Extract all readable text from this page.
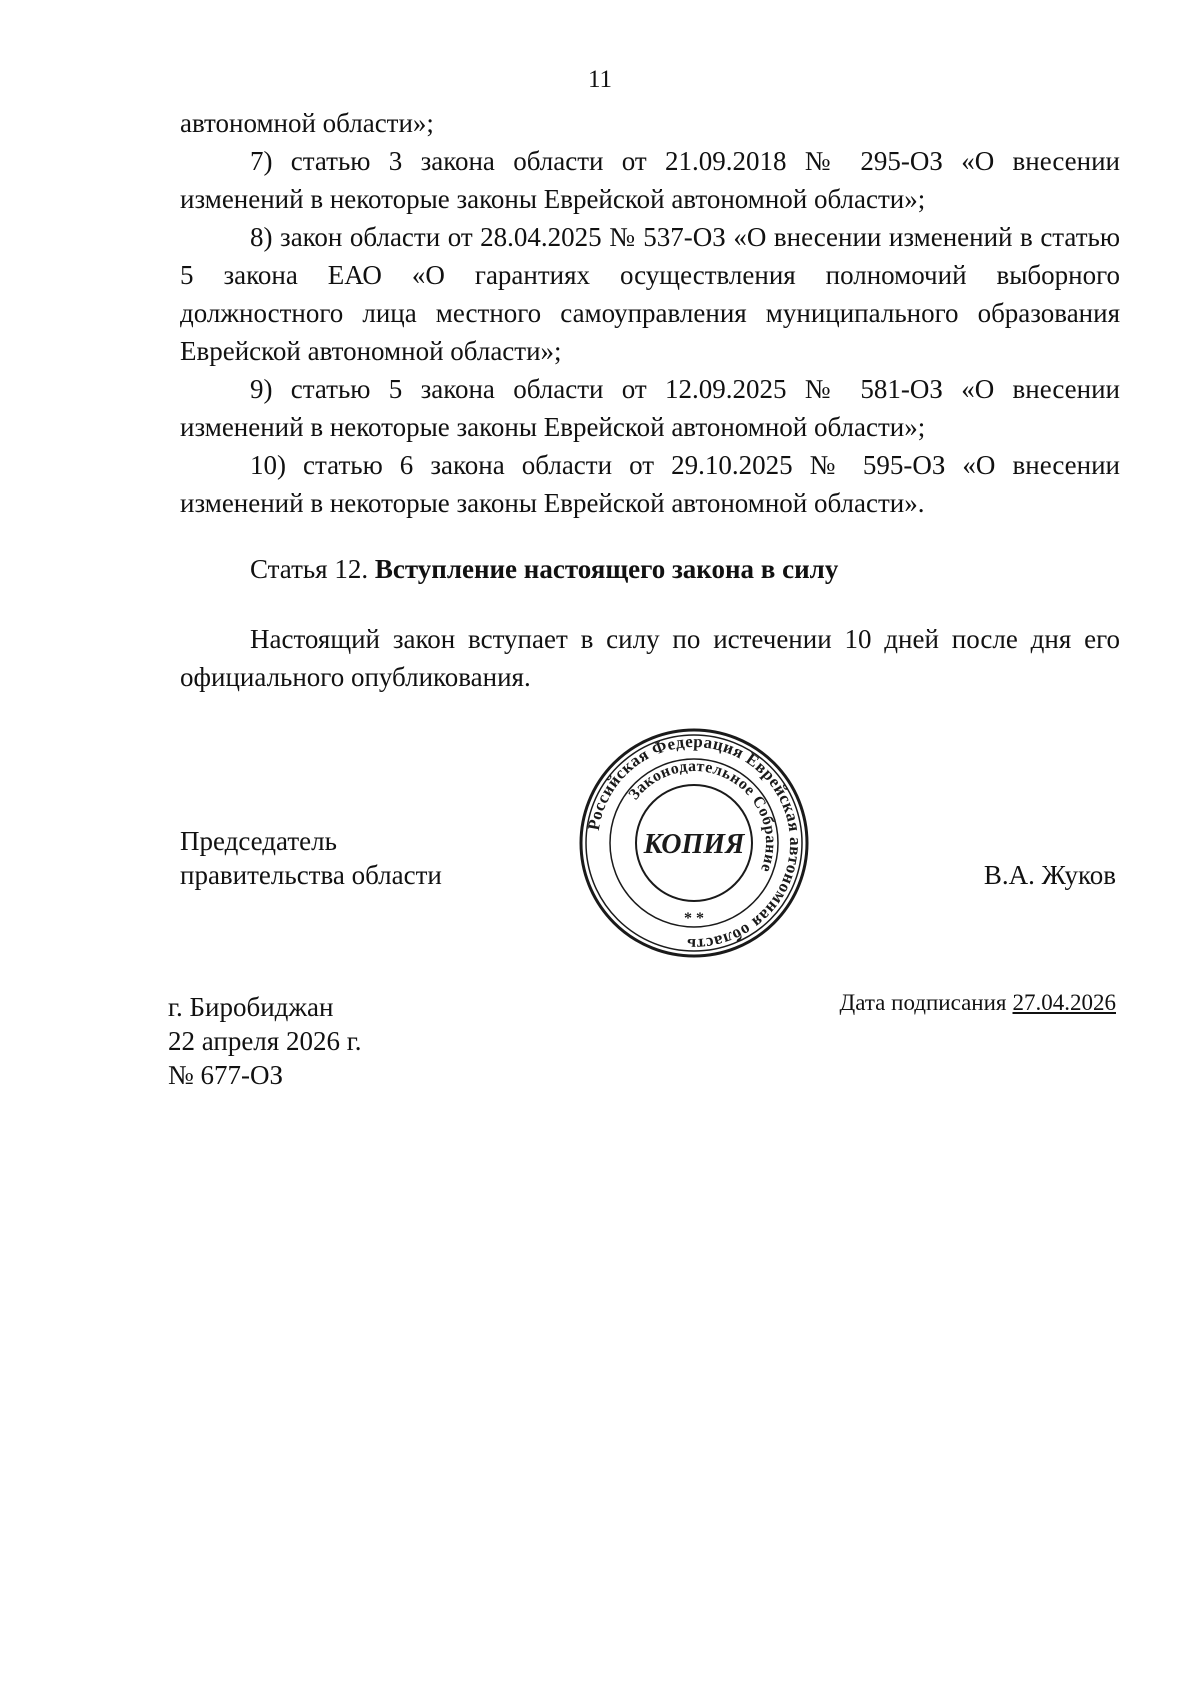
11

автономной области»;

7) статью 3 закона области от 21.09.2018 № 295-ОЗ «О внесении изменений в некоторые законы Еврейской автономной области»;

8) закон области от 28.04.2025 № 537-ОЗ «О внесении изменений в статью 5 закона ЕАО «О гарантиях осуществления полномочий выборного должностного лица местного самоуправления муниципального образования Еврейской автономной области»;

9) статью 5 закона области от 12.09.2025 № 581-ОЗ «О внесении изменений в некоторые законы Еврейской автономной области»;

10) статью 6 закона области от 29.10.2025 № 595-ОЗ «О внесении изменений в некоторые законы Еврейской автономной области».

Статья 12. Вступление настоящего закона в силу

Настоящий закон вступает в силу по истечении 10 дней после дня его официального опубликования.

Председатель
правительства области
Российская Федерация Еврейская автономная область
Законодательное Собрание
КОПИЯ
* *
В.А. Жуков
г. Биробиджан
22 апреля 2026 г.
№ 677-ОЗ
Дата подписания 27.04.2026
